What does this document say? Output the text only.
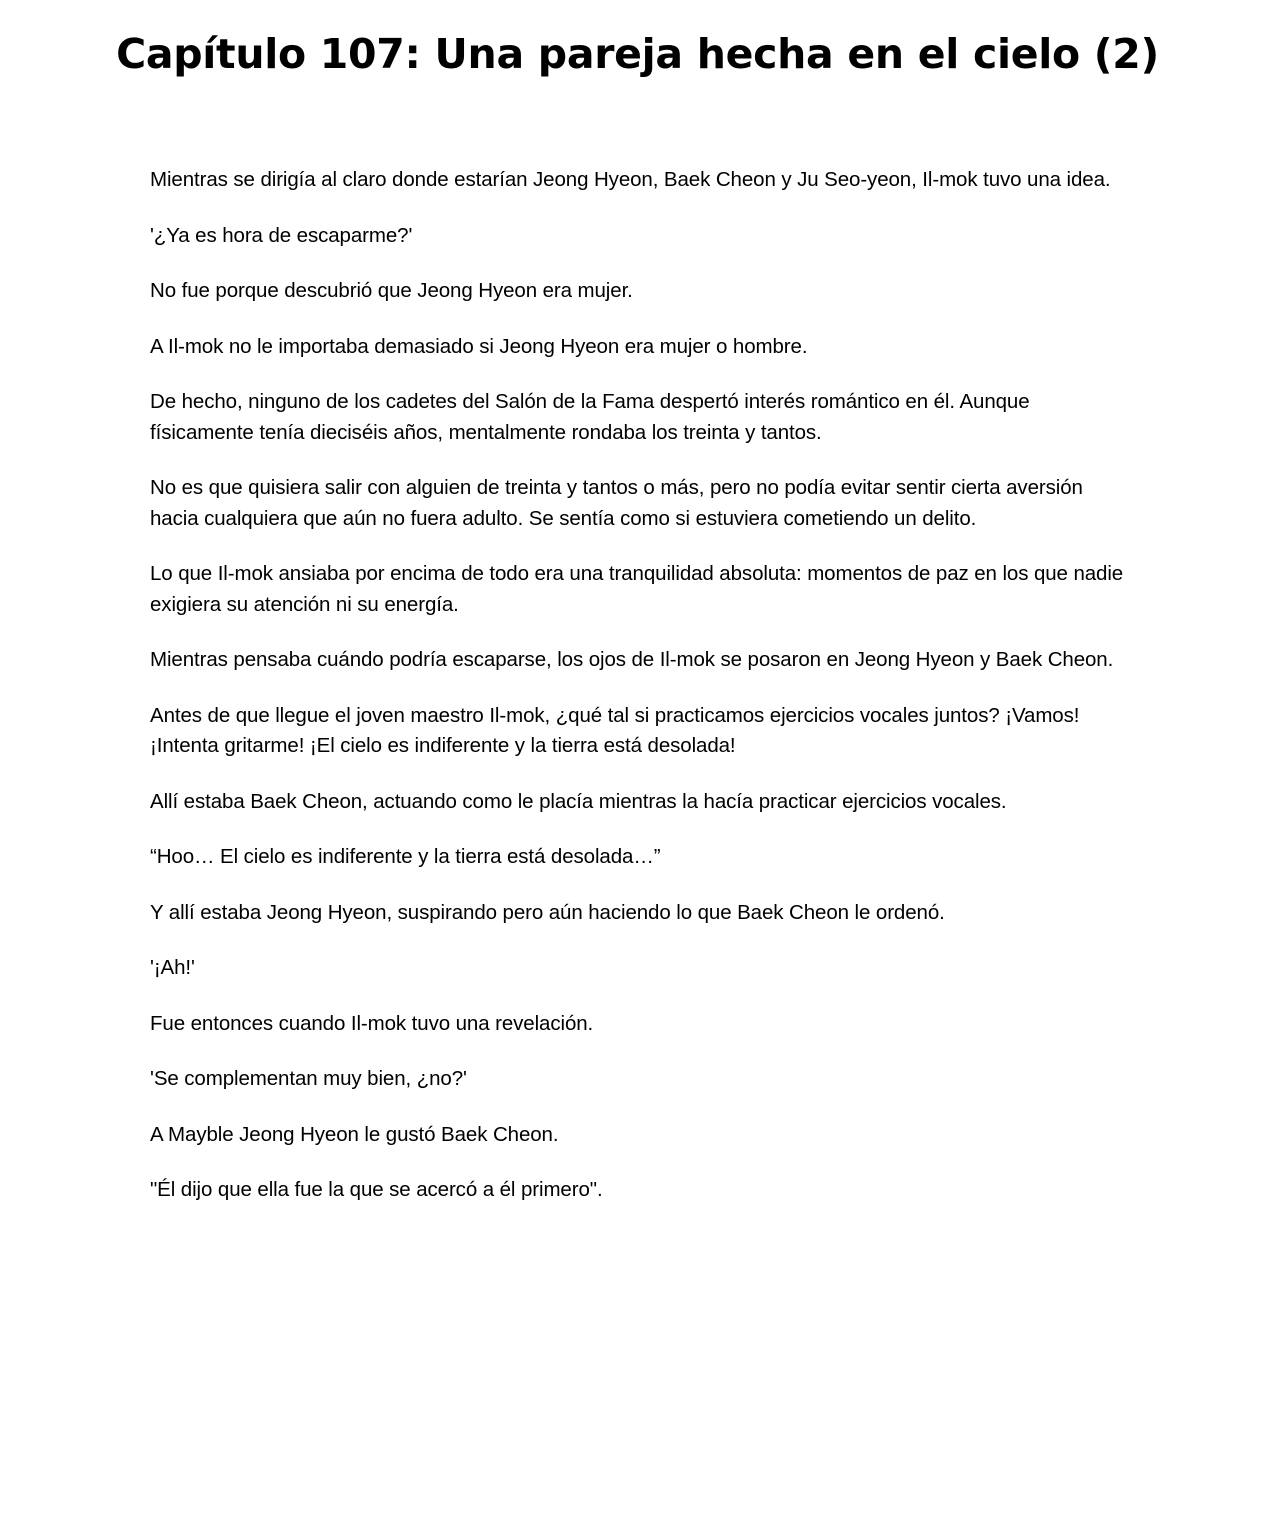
Capítulo 107: Una pareja hecha en el cielo (2)

Mientras se dirigía al claro donde estarían Jeong Hyeon, Baek Cheon y Ju Seo-yeon, Il-mok tuvo una idea.

'¿Ya es hora de escaparme?'

No fue porque descubrió que Jeong Hyeon era mujer.

A Il-mok no le importaba demasiado si Jeong Hyeon era mujer o hombre.

De hecho, ninguno de los cadetes del Salón de la Fama despertó interés romántico en él. Aunque físicamente tenía dieciséis años, mentalmente rondaba los treinta y tantos.

No es que quisiera salir con alguien de treinta y tantos o más, pero no podía evitar sentir cierta aversión hacia cualquiera que aún no fuera adulto. Se sentía como si estuviera cometiendo un delito.

Lo que Il-mok ansiaba por encima de todo era una tranquilidad absoluta: momentos de paz en los que nadie exigiera su atención ni su energía.

Mientras pensaba cuándo podría escaparse, los ojos de Il-mok se posaron en Jeong Hyeon y Baek Cheon.

Antes de que llegue el joven maestro Il-mok, ¿qué tal si practicamos ejercicios vocales juntos? ¡Vamos! ¡Intenta gritarme! ¡El cielo es indiferente y la tierra está desolada!

Allí estaba Baek Cheon, actuando como le placía mientras la hacía practicar ejercicios vocales.

“Hoo… El cielo es indiferente y la tierra está desolada…”

Y allí estaba Jeong Hyeon, suspirando pero aún haciendo lo que Baek Cheon le ordenó.

'¡Ah!'

Fue entonces cuando Il-mok tuvo una revelación.

'Se complementan muy bien, ¿no?'

A Mayble Jeong Hyeon le gustó Baek Cheon.

"Él dijo que ella fue la que se acercó a él primero".
